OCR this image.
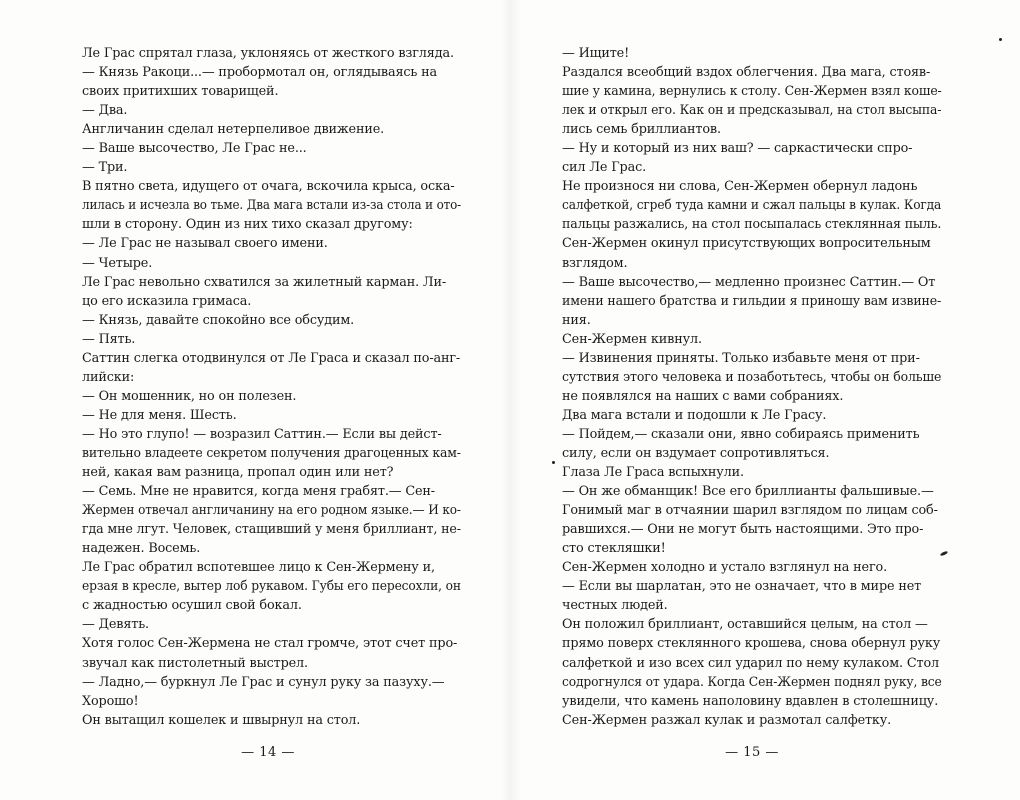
Ле Грас спрятал глаза, уклоняясь от жесткого взгляда.
— Князь Ракоци...— пробормотал он, оглядываясь на
своих притихших товарищей.
— Два.
Англичанин сделал нетерпеливое движение.
— Ваше высочество, Ле Грас не...
— Три.
В пятно света, идущего от очага, вскочила крыса, оска-
лилась и исчезла во тьме. Два мага встали из-за стола и ото-
шли в сторону. Один из них тихо сказал другому:
— Ле Грас не называл своего имени.
— Четыре.
Ле Грас невольно схватился за жилетный карман. Ли-
цо его исказила гримаса.
— Князь, давайте спокойно все обсудим.
— Пять.
Саттин слегка отодвинулся от Ле Граса и сказал по-анг-
лийски:
— Он мошенник, но он полезен.
— Не для меня. Шесть.
— Но это глупо! — возразил Саттин.— Если вы дейст-
вительно владеете секретом получения драгоценных кам-
ней, какая вам разница, пропал один или нет?
— Семь. Мне не нравится, когда меня грабят.— Сен-
Жермен отвечал англичанину на его родном языке.— И ко-
гда мне лгут. Человек, стащивший у меня бриллиант, не-
надежен. Восемь.
Ле Грас обратил вспотевшее лицо к Сен-Жермену и,
ерзая в кресле, вытер лоб рукавом. Губы его пересохли, он
с жадностью осушил свой бокал.
— Девять.
Хотя голос Сен-Жермена не стал громче, этот счет про-
звучал как пистолетный выстрел.
— Ладно,— буркнул Ле Грас и сунул руку за пазуху.—
Хорошо!
Он вытащил кошелек и швырнул на стол.
— 14 —
— Ищите!
Раздался всеобщий вздох облегчения. Два мага, стояв-
шие у камина, вернулись к столу. Сен-Жермен взял коше-
лек и открыл его. Как он и предсказывал, на стол высыпа-
лись семь бриллиантов.
— Ну и который из них ваш? — саркастически спро-
сил Ле Грас.
Не произнося ни слова, Сен-Жермен обернул ладонь
салфеткой, сгреб туда камни и сжал пальцы в кулак. Когда
пальцы разжались, на стол посыпалась стеклянная пыль.
Сен-Жермен окинул присутствующих вопросительным
взглядом.
— Ваше высочество,— медленно произнес Саттин.— От
имени нашего братства и гильдии я приношу вам извине-
ния.
Сен-Жермен кивнул.
— Извинения приняты. Только избавьте меня от при-
сутствия этого человека и позаботьтесь, чтобы он больше
не появлялся на наших с вами собраниях.
Два мага встали и подошли к Ле Грасу.
— Пойдем,— сказали они, явно собираясь применить
силу, если он вздумает сопротивляться.
Глаза Ле Граса вспыхнули.
— Он же обманщик! Все его бриллианты фальшивые.—
Гонимый маг в отчаянии шарил взглядом по лицам соб-
равшихся.— Они не могут быть настоящими. Это про-
сто стекляшки!
Сен-Жермен холодно и устало взглянул на него.
— Если вы шарлатан, это не означает, что в мире нет
честных людей.
Он положил бриллиант, оставшийся целым, на стол —
прямо поверх стеклянного крошева, снова обернул руку
салфеткой и изо всех сил ударил по нему кулаком. Стол
содрогнулся от удара. Когда Сен-Жермен поднял руку, все
увидели, что камень наполовину вдавлен в столешницу.
Сен-Жермен разжал кулак и размотал салфетку.
— 15 —
